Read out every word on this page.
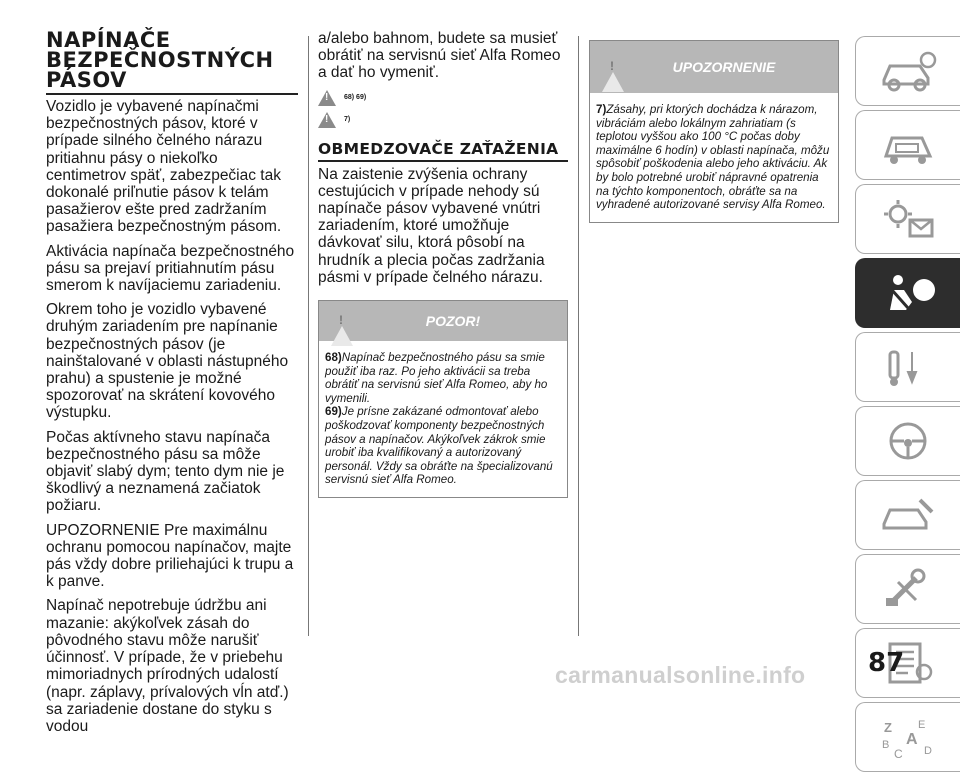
NAPÍNAČE BEZPEČNOSTNÝCH PÁSOV

Vozidlo je vybavené napínačmi bezpečnostných pásov, ktoré v prípade silného čelného nárazu pritiahnu pásy o niekoľko centimetrov späť, zabezpečiac tak dokonalé priľnutie pásov k telám pasažierov ešte pred zadržaním pasažiera bezpečnostným pásom.

Aktivácia napínača bezpečnostného pásu sa prejaví pritiahnutím pásu smerom k navíjaciemu zariadeniu.

Okrem toho je vozidlo vybavené druhým zariadením pre napínanie bezpečnostných pásov (je nainštalované v oblasti nástupného prahu) a spustenie je možné spozorovať na skrátení kovového výstupku.

Počas aktívneho stavu napínača bezpečnostného pásu sa môže objaviť slabý dym; tento dym nie je škodlivý a neznamená začiatok požiaru.

UPOZORNENIE Pre maximálnu ochranu pomocou napínačov, majte pás vždy dobre priliehajúci k trupu a k panve.

Napínač nepotrebuje údržbu ani mazanie: akýkoľvek zásah do pôvodného stavu môže narušiť účinnosť. V prípade, že v priebehu mimoriadnych prírodných udalostí (napr. záplavy, prívalových vĺn atď.) sa zariadenie dostane do styku s vodou

a/alebo bahnom, budete sa musieť obrátiť na servisnú sieť Alfa Romeo a dať ho vymeniť.

!
68) 69)
!
7)
OBMEDZOVAČE ZAŤAŽENIA

Na zaistenie zvýšenia ochrany cestujúcich v prípade nehody sú napínače pásov vybavené vnútri zariadením, ktoré umožňuje dávkovať silu, ktorá pôsobí na hrudník a plecia počas zadržania pásmi v prípade čelného nárazu.

!
POZOR!

68)Napínač bezpečnostného pásu sa smie použiť iba raz. Po jeho aktivácii sa treba obrátiť na servisnú sieť Alfa Romeo, aby ho vymenili.

69)Je prísne zakázané odmontovať alebo poškodzovať komponenty bezpečnostných pásov a napínačov. Akýkoľvek zákrok smie urobiť iba kvalifikovaný a autorizovaný personál. Vždy sa obráťte na špecializovanú servisnú sieť Alfa Romeo.

!
UPOZORNENIE

7)Zásahy, pri ktorých dochádza k nárazom, vibráciám alebo lokálnym zahriatiam (s teplotou vyššou ako 100 °C počas doby maximálne 6 hodín) v oblasti napínača, môžu spôsobiť poškodenia alebo jeho aktiváciu. Ak by bolo potrebné urobiť nápravné opatrenia na týchto komponentoch, obráťte sa na vyhradené autorizované servisy Alfa Romeo.

Z E
B A
C D
87
carmanualsonline.info
